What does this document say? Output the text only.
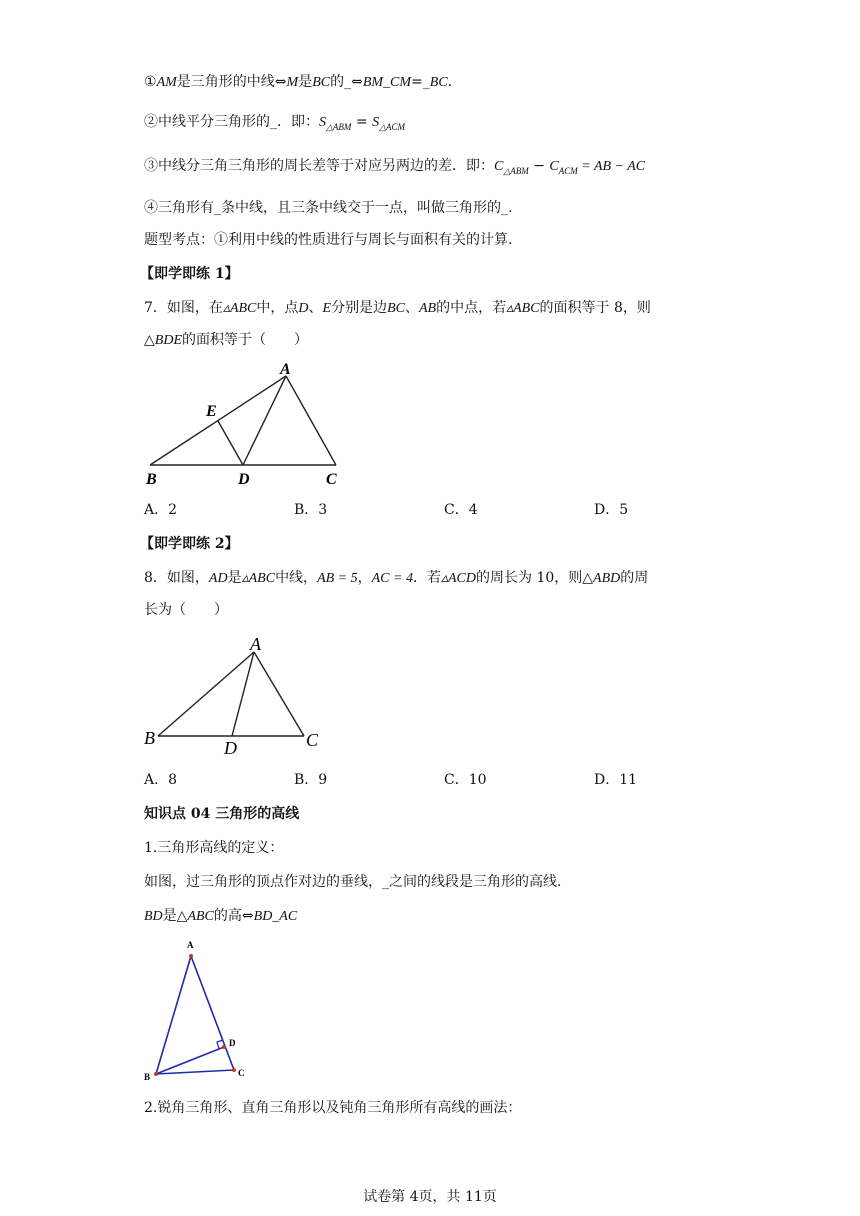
①AM是三角形的中线⇔M是BC的_⇔BM_CM=_BC.
②中线平分三角形的_．即：$S_{\triangle ABM} = S_{\triangle ACM}$
③中线分三角三角形的周长差等于对应另两边的差．即：$C_{\triangle ABM} - C_{ACM}$ = AB − AC
④三角形有_条中线，且三条中线交于一点，叫做三角形的_.
题型考点：①利用中线的性质进行与周长与面积有关的计算．
【即学即练 1】
7．如图，在▵ABC中，点D、E分别是边BC、AB的中点，若▵ABC的面积等于 8，则
△BDE的面积等于（　　）
A
E
B	D	C
A．2	B．3	C．4	D．5
【即学即练 2】
8．如图，AD是▵ABC中线，AB = 5，AC = 4．若▵ACD的周长为 10，则△ABD的周
长为（　　）
A
B	D	C
A．8	B．9	C．10	D．11
知识点 04 三角形的高线
1.三角形高线的定义：
如图，过三角形的顶点作对边的垂线，_之间的线段是三角形的高线.
BD是△ABC的高⇔BD_AC
A
B	C
D
2.锐角三角形、直角三角形以及钝角三角形所有高线的画法：
试卷第 4页，共 11页
